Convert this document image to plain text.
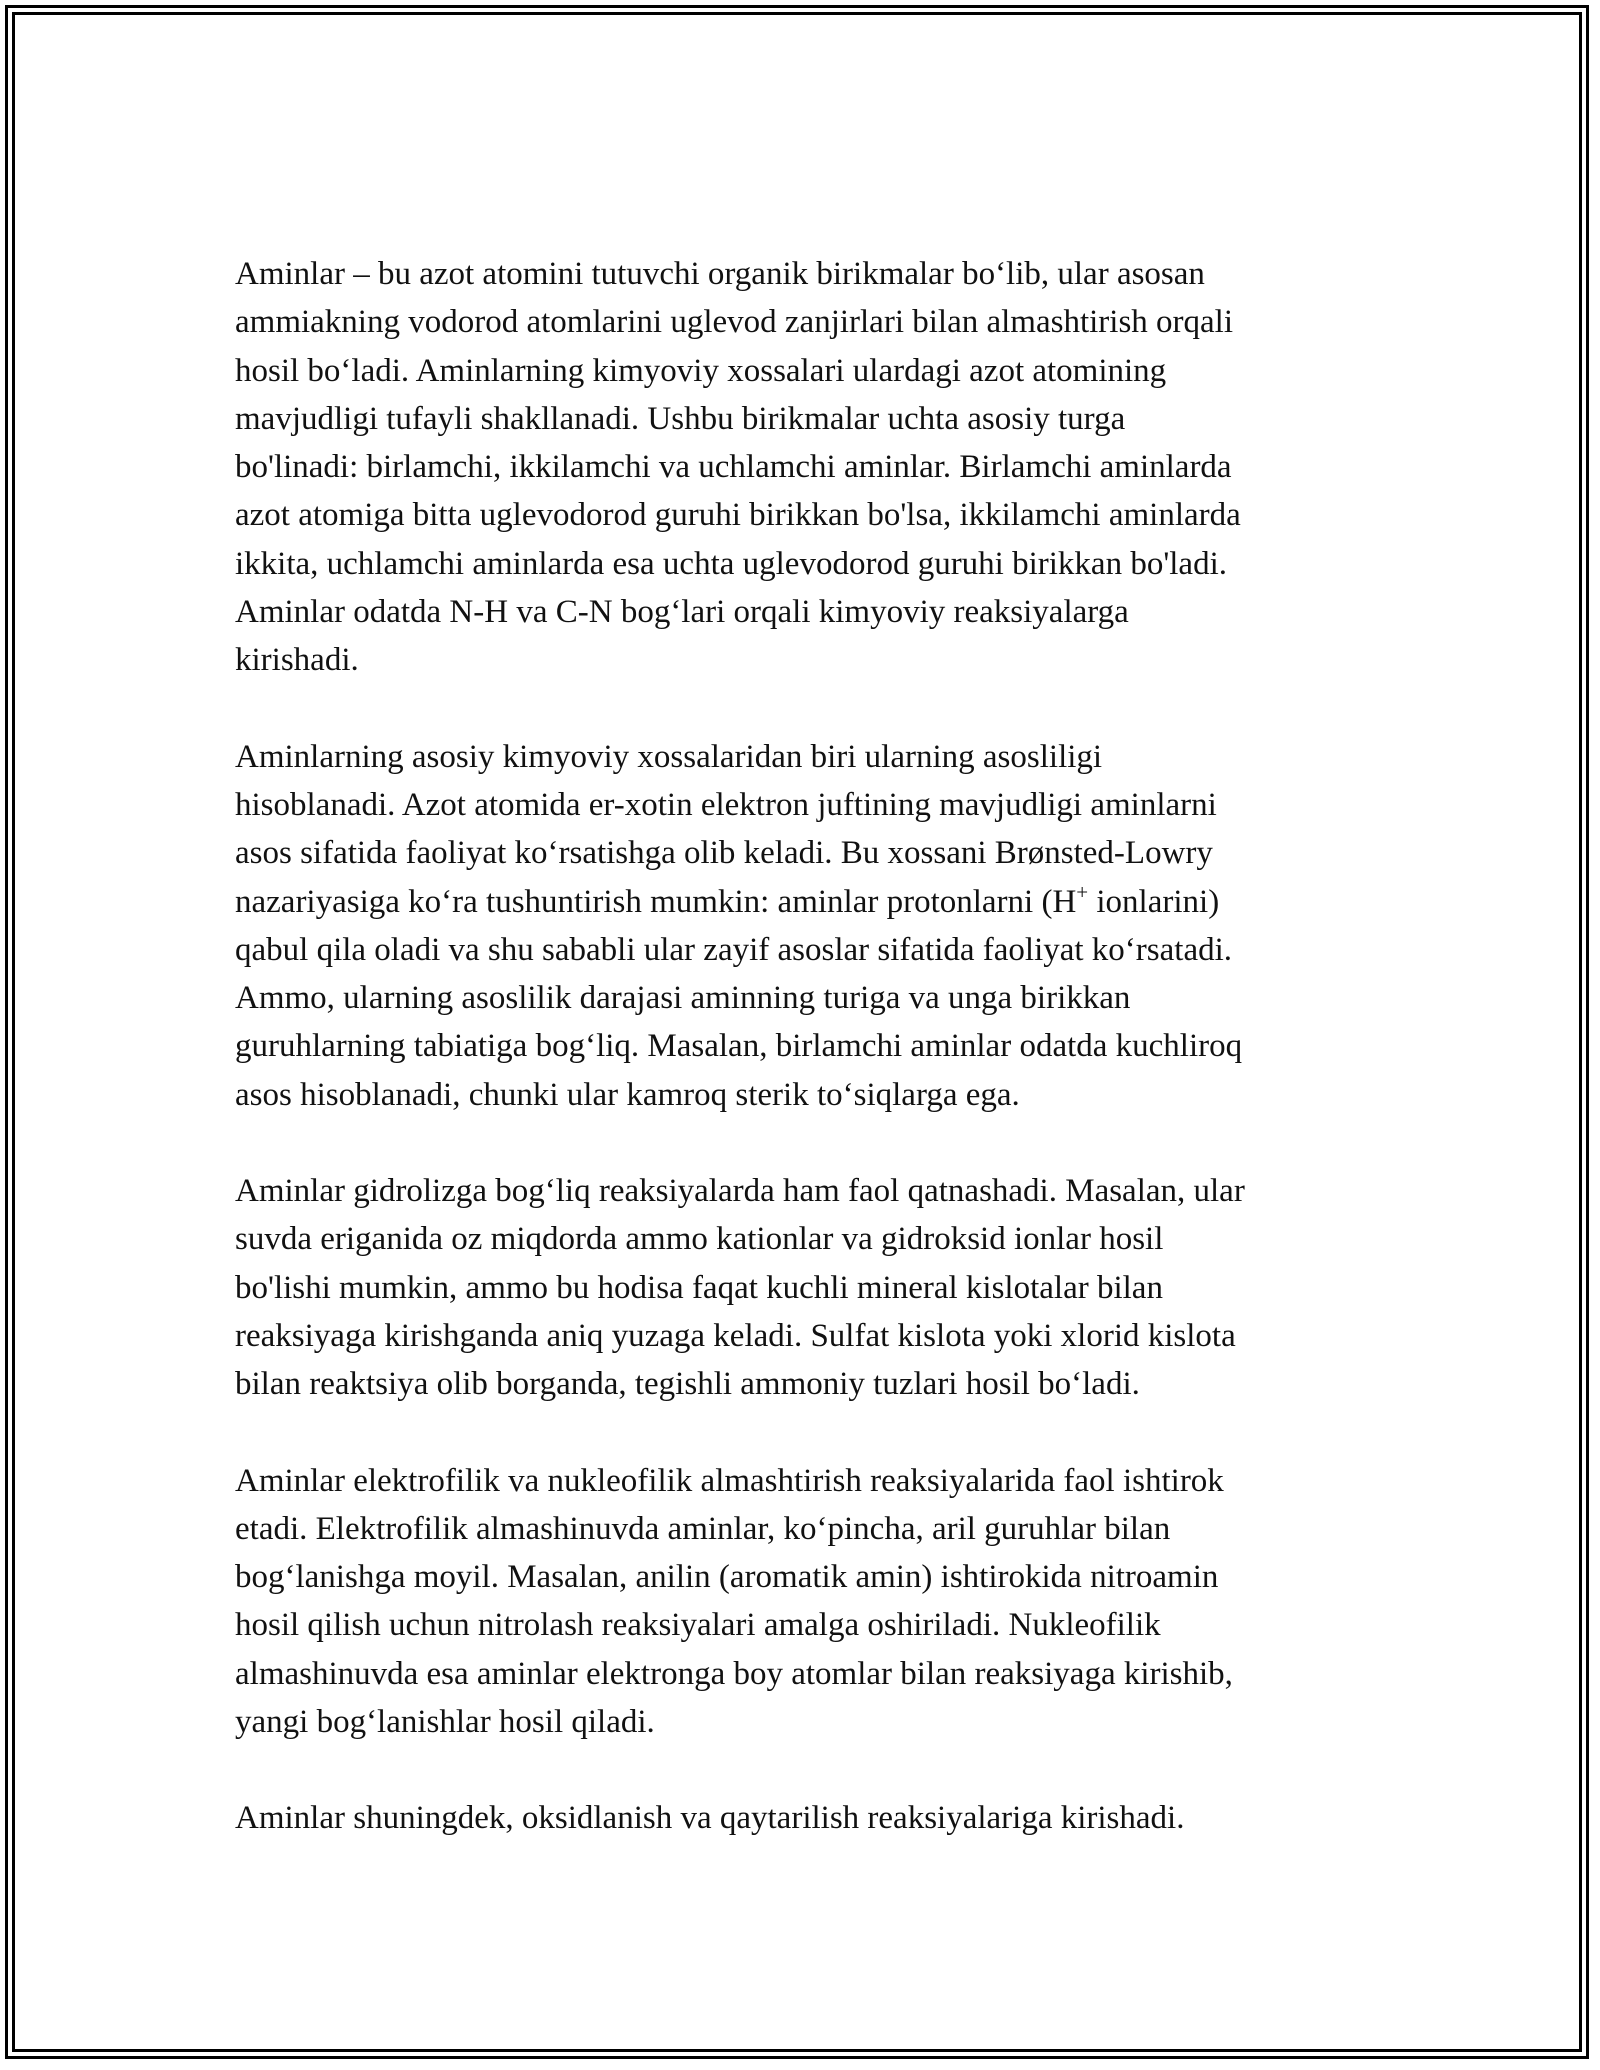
Aminlar – bu azot atomini tutuvchi organik birikmalar bo‘lib, ular asosan
ammiakning vodorod atomlarini uglevod zanjirlari bilan almashtirish orqali
hosil bo‘ladi. Aminlarning kimyoviy xossalari ulardagi azot atomining
mavjudligi tufayli shakllanadi. Ushbu birikmalar uchta asosiy turga
bo'linadi: birlamchi, ikkilamchi va uchlamchi aminlar. Birlamchi aminlarda
azot atomiga bitta uglevodorod guruhi birikkan bo'lsa, ikkilamchi aminlarda
ikkita, uchlamchi aminlarda esa uchta uglevodorod guruhi birikkan bo'ladi.
Aminlar odatda N-H va C-N bog‘lari orqali kimyoviy reaksiyalarga
kirishadi.

Aminlarning asosiy kimyoviy xossalaridan biri ularning asosliligi
hisoblanadi. Azot atomida er-xotin elektron juftining mavjudligi aminlarni
asos sifatida faoliyat ko‘rsatishga olib keladi. Bu xossani Brønsted-Lowry
nazariyasiga ko‘ra tushuntirish mumkin: aminlar protonlarni (H+ ionlarini)
qabul qila oladi va shu sababli ular zayif asoslar sifatida faoliyat ko‘rsatadi.
Ammo, ularning asoslilik darajasi aminning turiga va unga birikkan
guruhlarning tabiatiga bog‘liq. Masalan, birlamchi aminlar odatda kuchliroq
asos hisoblanadi, chunki ular kamroq sterik to‘siqlarga ega.

Aminlar gidrolizga bog‘liq reaksiyalarda ham faol qatnashadi. Masalan, ular
suvda eriganida oz miqdorda ammo kationlar va gidroksid ionlar hosil
bo'lishi mumkin, ammo bu hodisa faqat kuchli mineral kislotalar bilan
reaksiyaga kirishganda aniq yuzaga keladi. Sulfat kislota yoki xlorid kislota
bilan reaktsiya olib borganda, tegishli ammoniy tuzlari hosil bo‘ladi.

Aminlar elektrofilik va nukleofilik almashtirish reaksiyalarida faol ishtirok
etadi. Elektrofilik almashinuvda aminlar, ko‘pincha, aril guruhlar bilan
bog‘lanishga moyil. Masalan, anilin (aromatik amin) ishtirokida nitroamin
hosil qilish uchun nitrolash reaksiyalari amalga oshiriladi. Nukleofilik
almashinuvda esa aminlar elektronga boy atomlar bilan reaksiyaga kirishib,
yangi bog‘lanishlar hosil qiladi.

Aminlar shuningdek, oksidlanish va qaytarilish reaksiyalariga kirishadi.
